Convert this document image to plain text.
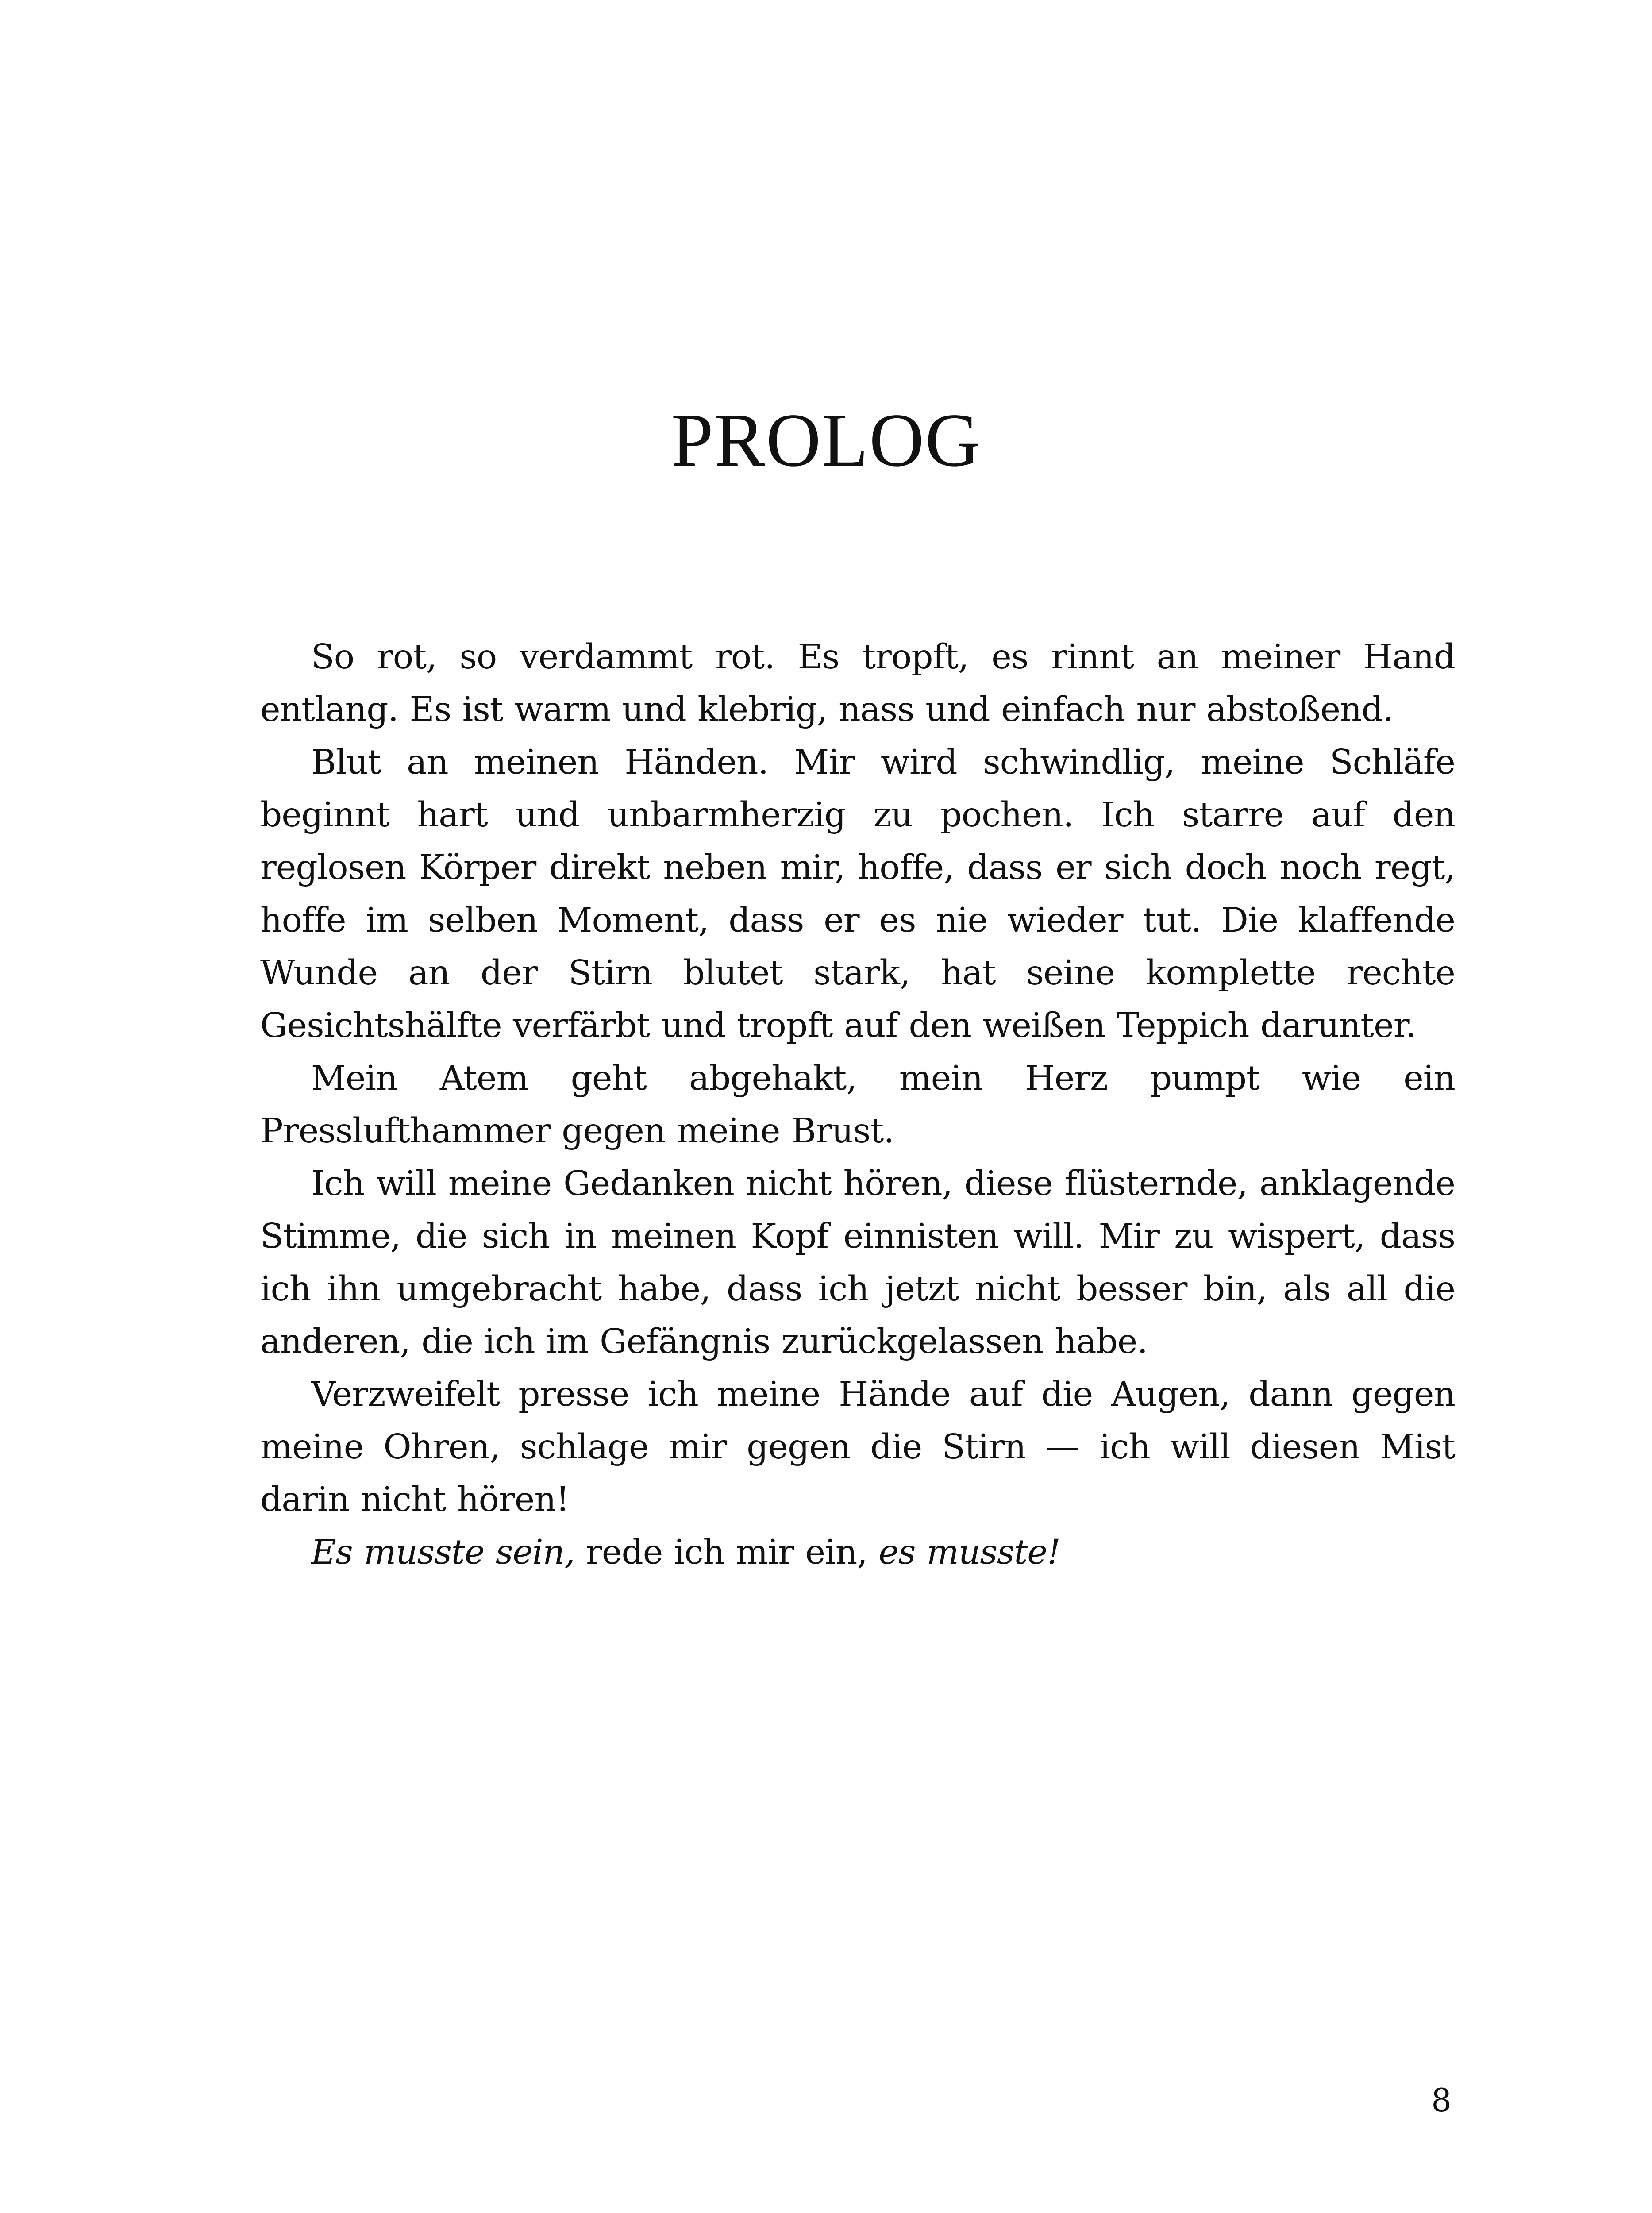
PROLOG

So rot, so verdammt rot. Es tropft, es rinnt an meiner Hand entlang. Es ist warm und klebrig, nass und einfach nur abstoßend.

Blut an meinen Händen. Mir wird schwindlig, meine Schläfe beginnt hart und unbarmherzig zu pochen. Ich starre auf den reglosen Körper direkt neben mir, hoffe, dass er sich doch noch regt, hoffe im selben Moment, dass er es nie wieder tut. Die klaffende Wunde an der Stirn blutet stark, hat seine komplette rechte Gesichtshälfte verfärbt und tropft auf den weißen Teppich darunter.

Mein Atem geht abgehakt, mein Herz pumpt wie ein Presslufthammer gegen meine Brust.

Ich will meine Gedanken nicht hören, diese flüsternde, anklagende Stimme, die sich in meinen Kopf einnisten will. Mir zu wispert, dass ich ihn umgebracht habe, dass ich jetzt nicht besser bin, als all die anderen, die ich im Gefängnis zurückgelassen habe.

Verzweifelt presse ich meine Hände auf die Augen, dann gegen meine Ohren, schlage mir gegen die Stirn — ich will diesen Mist darin nicht hören!

Es musste sein, rede ich mir ein, es musste!

8
